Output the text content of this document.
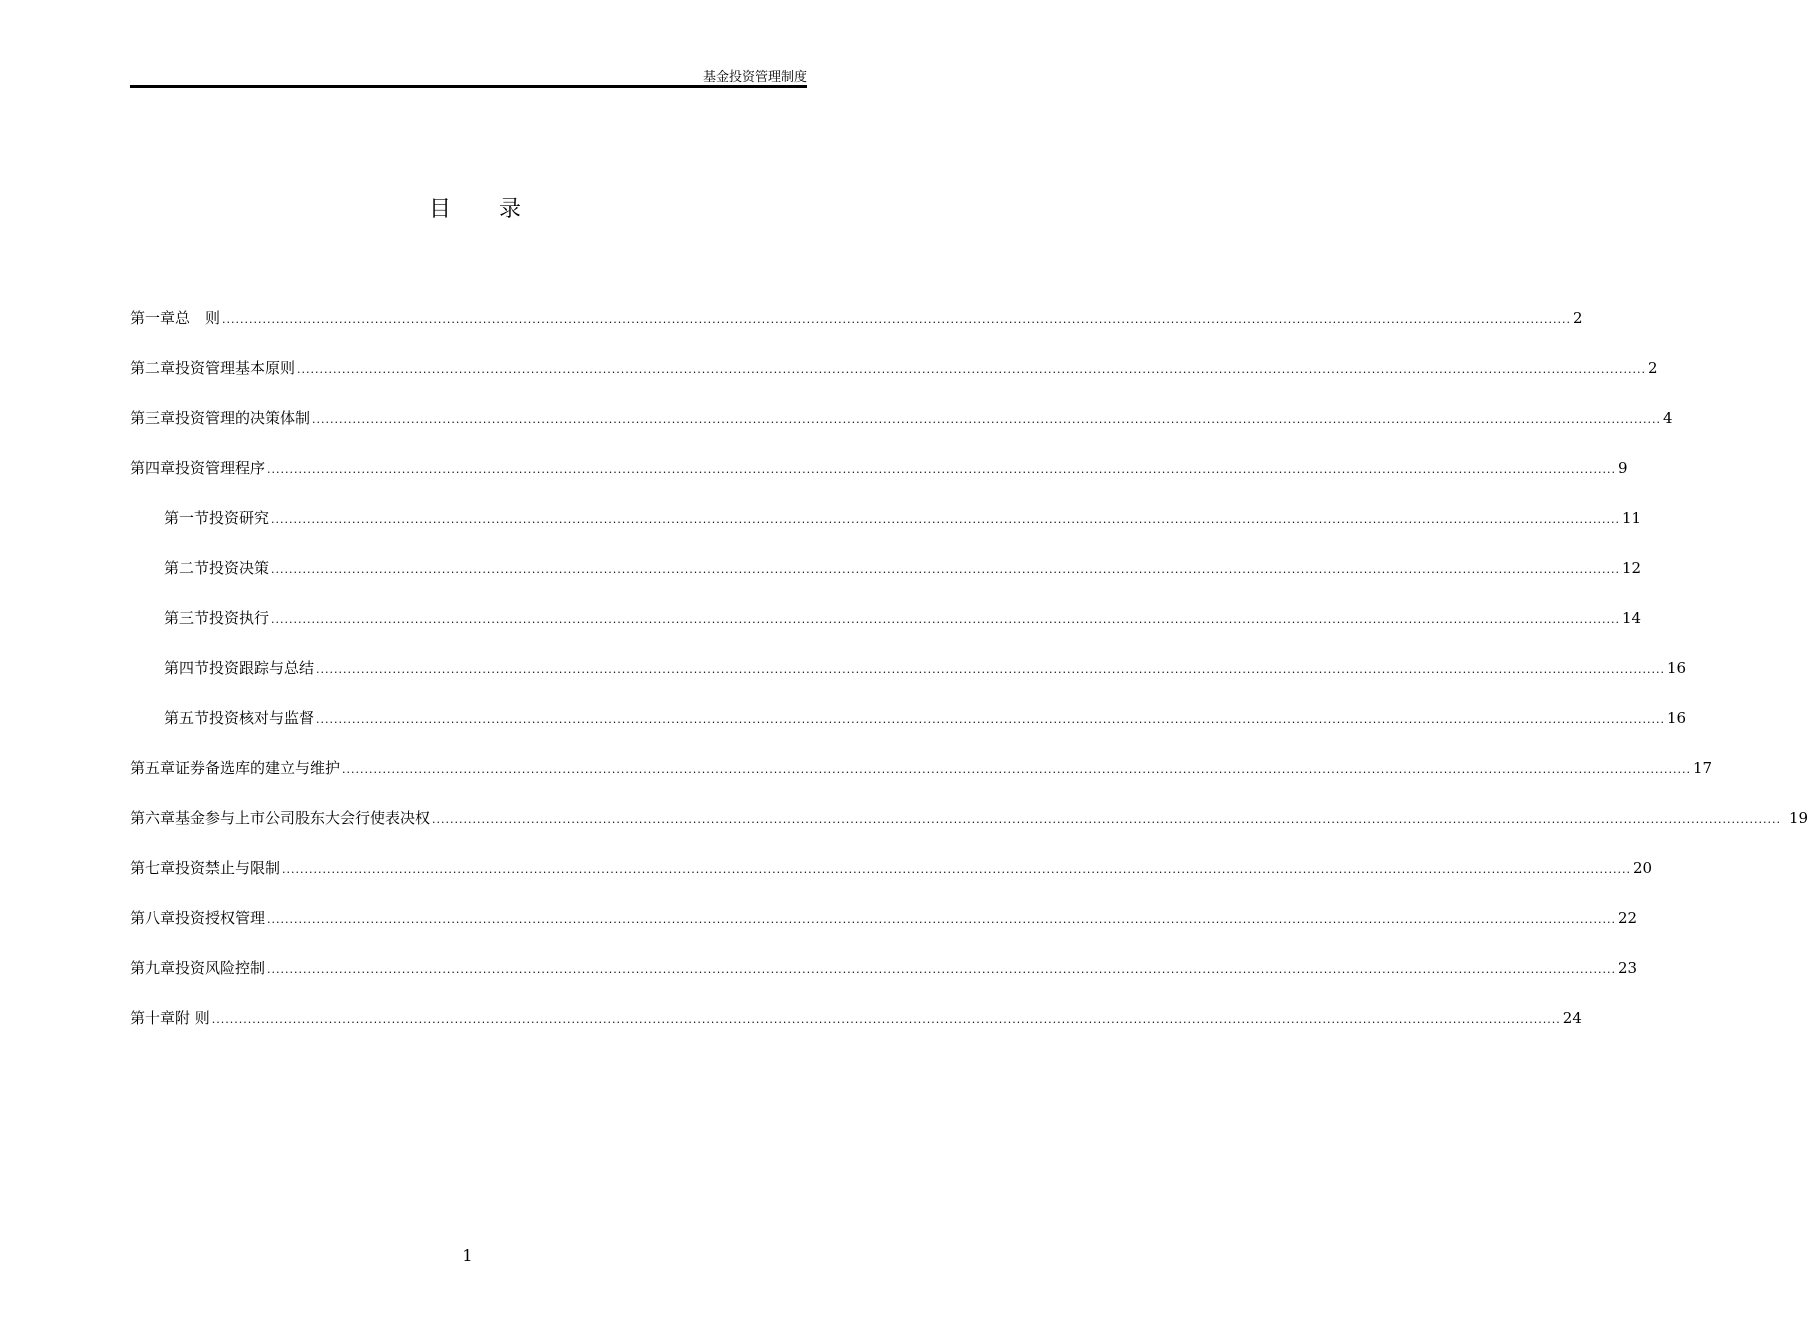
基金投资管理制度
目 录
第一章 总　则 ............................................................................................................................................................................................................................................................................................................ 2
第二章 投资管理基本原则 ............................................................................................................................................................................................................................................................................................................ 2
第三章 投资管理的决策体制 ............................................................................................................................................................................................................................................................................................................ 4
第四章 投资管理程序 ............................................................................................................................................................................................................................................................................................................ 9
第一节 投资研究 ............................................................................................................................................................................................................................................................................................................ 11
第二节 投资决策 ............................................................................................................................................................................................................................................................................................................ 12
第三节 投资执行 ............................................................................................................................................................................................................................................................................................................ 14
第四节 投资跟踪与总结 ............................................................................................................................................................................................................................................................................................................ 16
第五节 投资核对与监督 ............................................................................................................................................................................................................................................................................................................ 16
第五章 证券备选库的建立与维护 ............................................................................................................................................................................................................................................................................................................ 17
第六章 基金参与上市公司股东大会行使表决权 ............................................................................................................................................................................................................................................................................................................ 19
第七章 投资禁止与限制 ............................................................................................................................................................................................................................................................................................................ 20
第八章 投资授权管理 ............................................................................................................................................................................................................................................................................................................ 22
第九章 投资风险控制 ............................................................................................................................................................................................................................................................................................................ 23
第十章 附 则 ............................................................................................................................................................................................................................................................................................................ 24
1
